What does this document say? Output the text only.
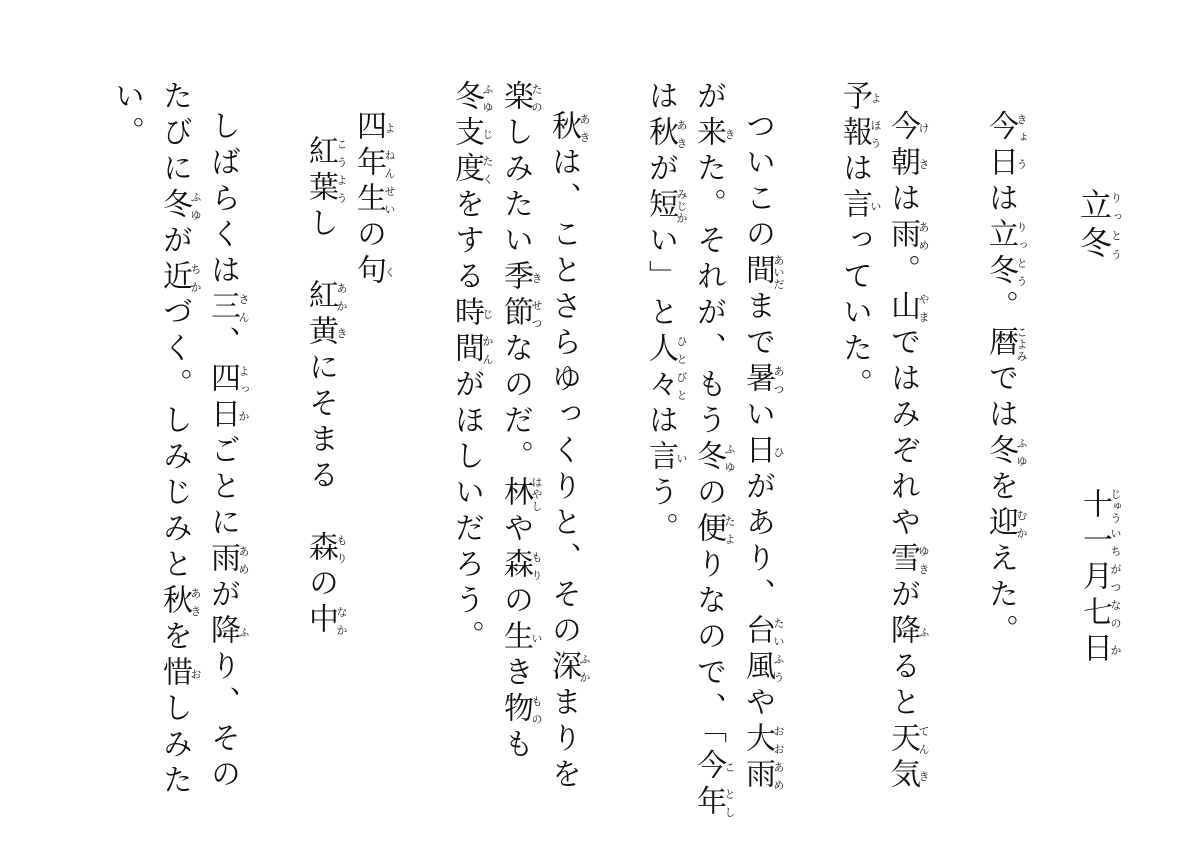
立りっ冬とう

十じゅう一いち月がつ七なの日か

今きょ日うは立りっ冬とう。暦こよみでは冬ふゆを迎むかえた。

今け朝さは雨あめ。山やまではみぞれや雪ゆきが降ふると天てん気き

予よ報ほうは言いっていた。

ついこの間あいだまで暑あつい日ひがあり、台たい風ふうや大おお雨あめ

が来きた。それが、もう冬ふゆの便たよりなので、「今こ年とし

は秋あきが短みじかい」と人ひと々びとは言いう。

秋あきは、ことさらゆっくりと、その深ふかまりを

楽たのしみたい季き節せつなのだ。林はやしや森もりの生いき物ものも

冬ふゆ支じ度たくをする時じ間かんがほしいだろう。

四よ年ねん生せいの句く

紅こう葉ようし　紅あか黄きにそまる　森もりの中なか

しばらくは三さん、四よっ日かごとに雨あめが降ふり、その

たびに冬ふゆが近ちかづく。しみじみと秋あきを惜おしみた

い。
